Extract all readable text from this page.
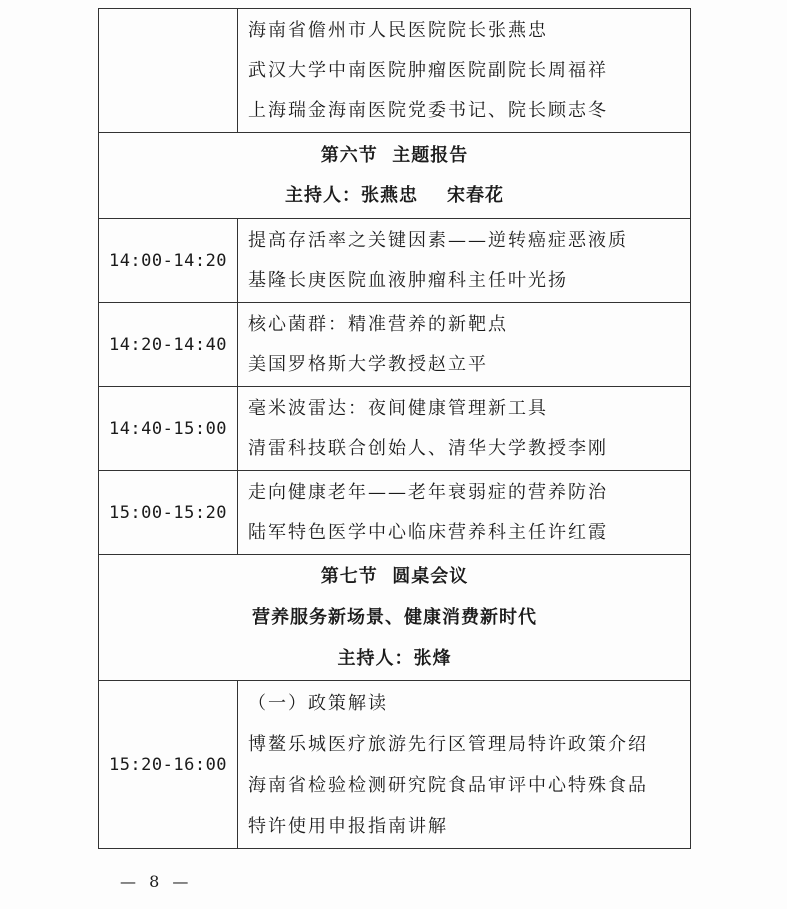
	海南省儋州市人民医院院长张燕忠
武汉大学中南医院肿瘤医院副院长周福祥
上海瑞金海南医院党委书记、院长顾志冬

第六节  主题报告
主持人：张燕忠    宋春花	

14:00-14:20	提高存活率之关键因素——逆转癌症恶液质
基隆长庚医院血液肿瘤科主任叶光扬

14:20-14:40	核心菌群：精准营养的新靶点
美国罗格斯大学教授赵立平

14:40-15:00	毫米波雷达：夜间健康管理新工具
清雷科技联合创始人、清华大学教授李刚

15:00-15:20	走向健康老年——老年衰弱症的营养防治
陆军特色医学中心临床营养科主任许红霞

第七节  圆桌会议
营养服务新场景、健康消费新时代
主持人：张烽	

15:20-16:00	（一）政策解读
博鳌乐城医疗旅游先行区管理局特许政策介绍
海南省检验检测研究院食品审评中心特殊食品
特许使用申报指南讲解
— 8 —
